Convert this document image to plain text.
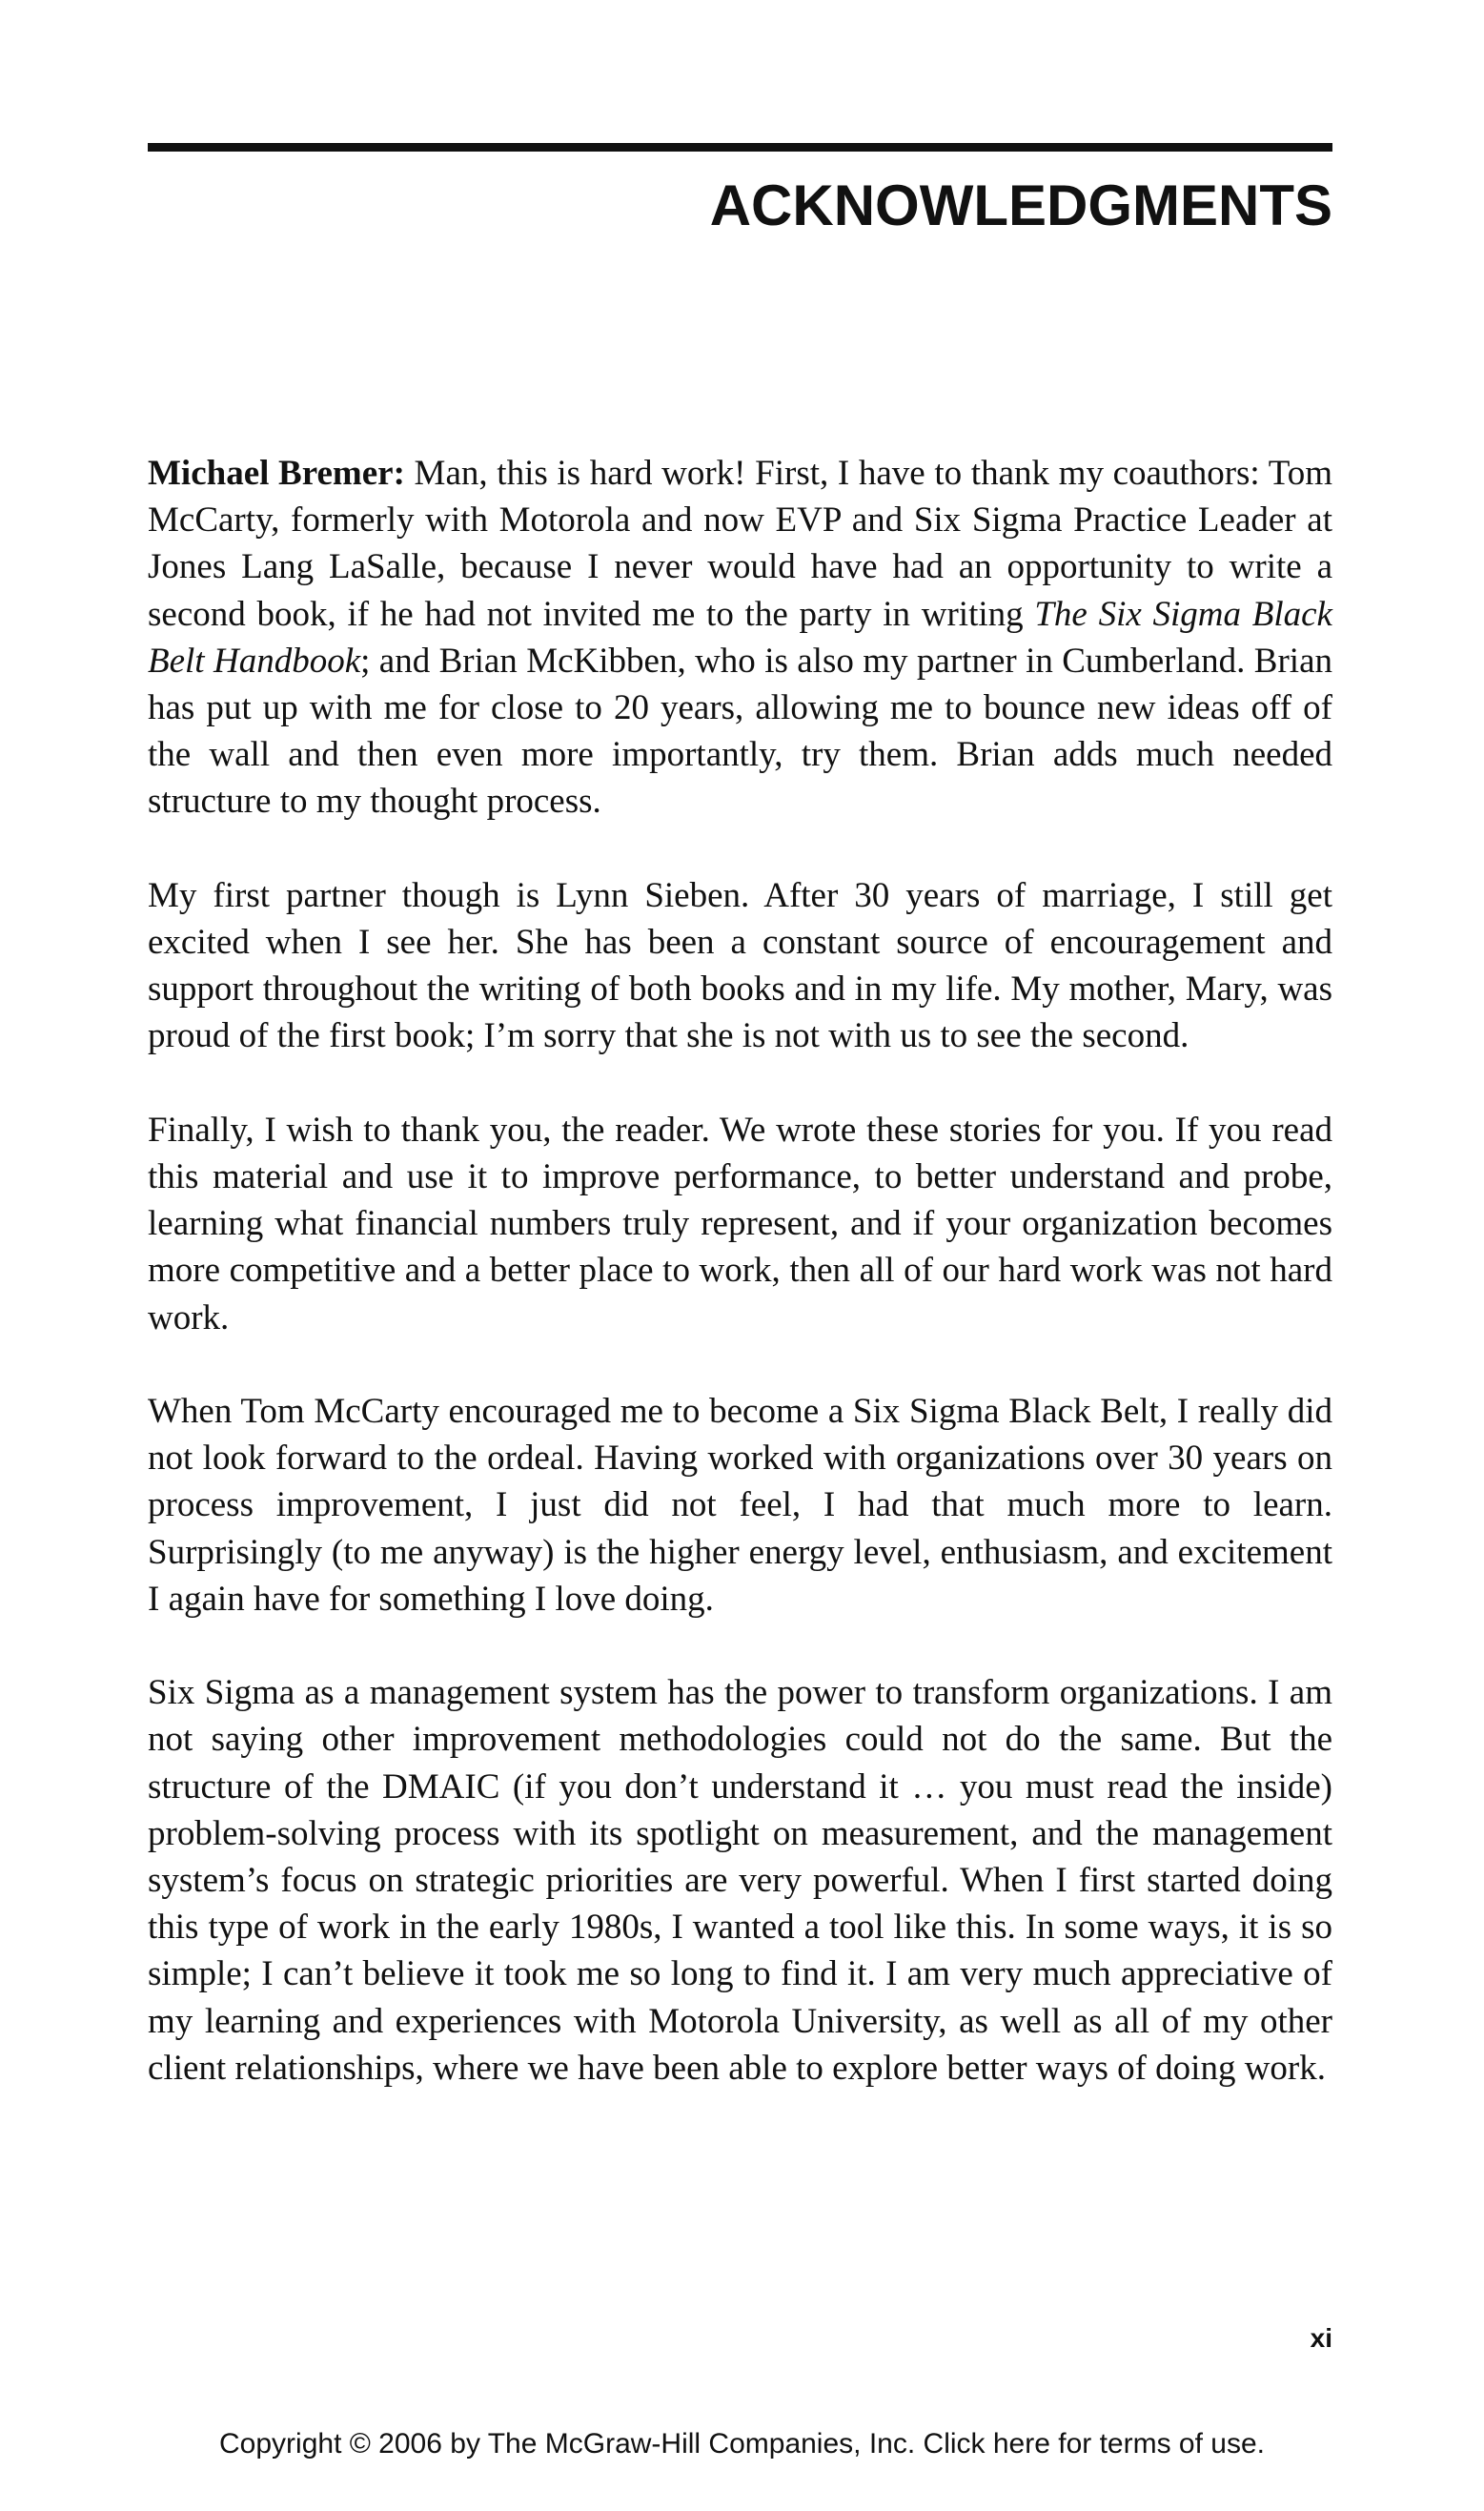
ACKNOWLEDGMENTS

Michael Bremer: Man, this is hard work! First, I have to thank my coauthors: Tom McCarty, formerly with Motorola and now EVP and Six Sigma Practice Leader at Jones Lang LaSalle, because I never would have had an opportunity to write a second book, if he had not invited me to the party in writing The Six Sigma Black Belt Handbook; and Brian McKibben, who is also my partner in Cumberland. Brian has put up with me for close to 20 years, allowing me to bounce new ideas off of the wall and then even more importantly, try them. Brian adds much needed structure to my thought process.

My first partner though is Lynn Sieben. After 30 years of marriage, I still get excited when I see her. She has been a constant source of encouragement and support throughout the writing of both books and in my life. My mother, Mary, was proud of the first book; I’m sorry that she is not with us to see the second.

Finally, I wish to thank you, the reader. We wrote these stories for you. If you read this material and use it to improve performance, to better understand and probe, learning what financial numbers truly represent, and if your organization becomes more competitive and a better place to work, then all of our hard work was not hard work.

When Tom McCarty encouraged me to become a Six Sigma Black Belt, I really did not look forward to the ordeal. Having worked with organizations over 30 years on process improvement, I just did not feel, I had that much more to learn. Surprisingly (to me anyway) is the higher energy level, enthusiasm, and excitement I again have for something I love doing.

Six Sigma as a management system has the power to transform organizations. I am not saying other improvement methodologies could not do the same. But the structure of the DMAIC (if you don’t understand it … you must read the inside) problem-solving process with its spotlight on measurement, and the management system’s focus on strategic priorities are very powerful. When I first started doing this type of work in the early 1980s, I wanted a tool like this. In some ways, it is so simple; I can’t believe it took me so long to find it. I am very much appreciative of my learning and experiences with Motorola University, as well as all of my other client relationships, where we have been able to explore better ways of doing work.

xi
Copyright © 2006 by The McGraw-Hill Companies, Inc. Click here for terms of use.
